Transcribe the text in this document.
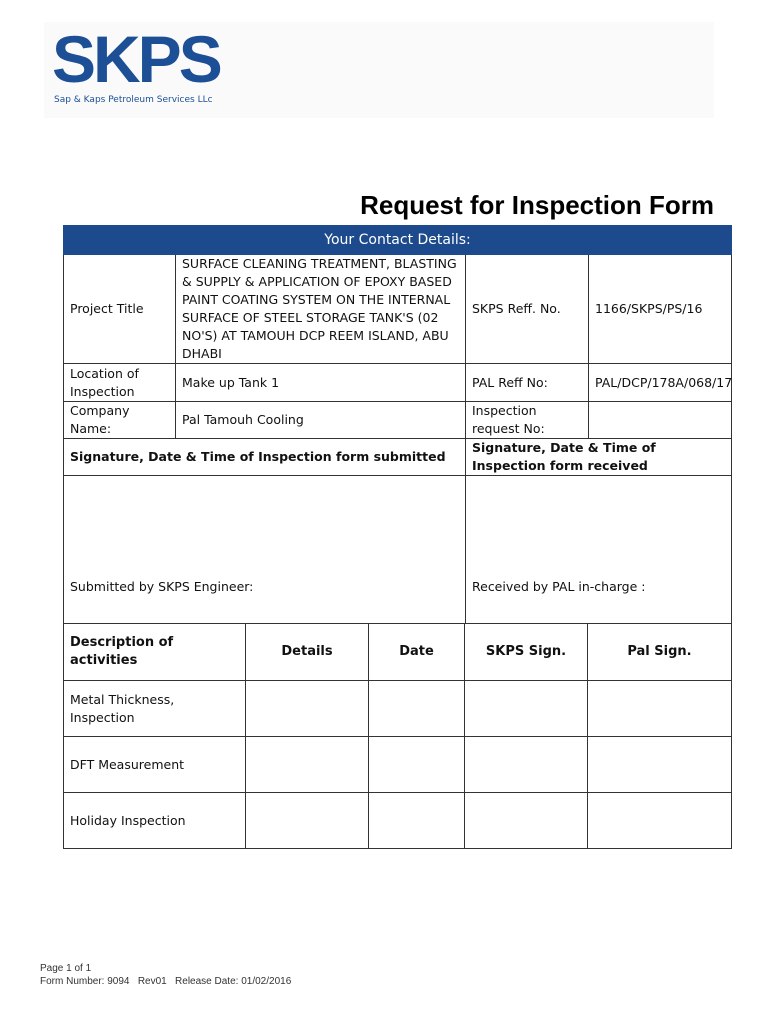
SKPS
Sap & Kaps Petroleum Services LLc
Request for Inspection Form
Your Contact Details:			
Project Title	SURFACE CLEANING TREATMENT, BLASTING & SUPPLY & APPLICATION OF EPOXY BASED PAINT COATING SYSTEM ON THE INTERNAL SURFACE OF STEEL STORAGE TANK'S (02 NO'S) AT TAMOUH DCP REEM ISLAND, ABU DHABI	SKPS Reff. No.	1166/SKPS/PS/16
Location of Inspection	Make up Tank 1	PAL Reff No:	PAL/DCP/178A/068/17
Company Name:	Pal Tamouh Cooling	Inspection request No:	
Signature, Date & Time of Inspection form submitted		Signature, Date & Time of Inspection form received	
Submitted by SKPS Engineer:		Received by PAL in-charge :	
Description of activities	Details	Date	SKPS Sign.	Pal Sign.
Metal Thickness, Inspection				
DFT Measurement				
Holiday Inspection				
Page 1 of 1
Form Number: 9094   Rev01   Release Date: 01/02/2016
